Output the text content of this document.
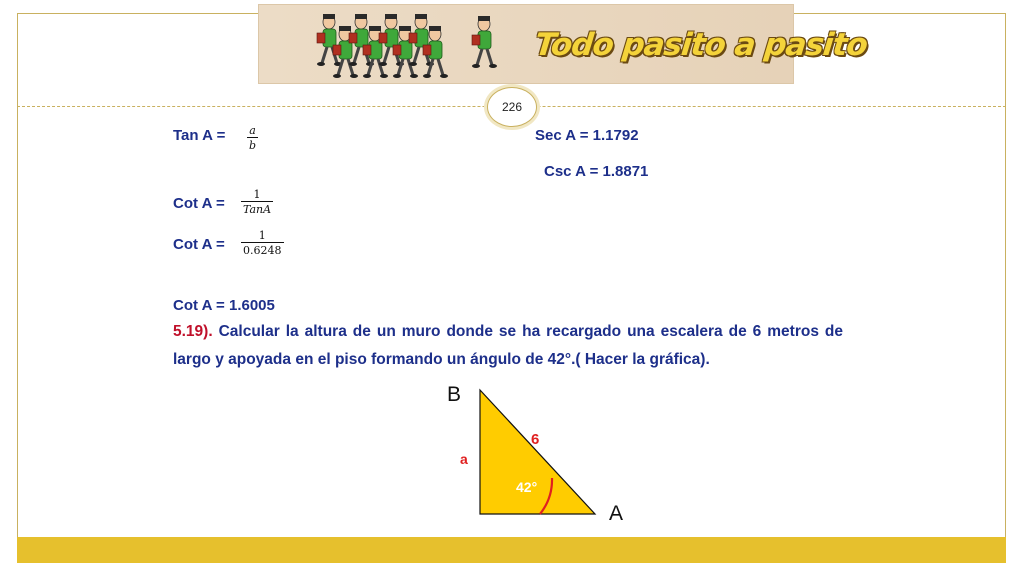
Todo pasito a pasito
226
Tan A = a
b
Sec A = 1.1792
Csc A = 1.8871
Cot A =
1
TanA
Cot A =
1
0.6248
Cot A = 1.6005
5.19). Calcular la altura de un muro donde se ha recargado una escalera de 6 metros de largo y apoyada en el piso formando un ángulo de 42°.( Hacer la gráfica).
B
A
6
a
42°
